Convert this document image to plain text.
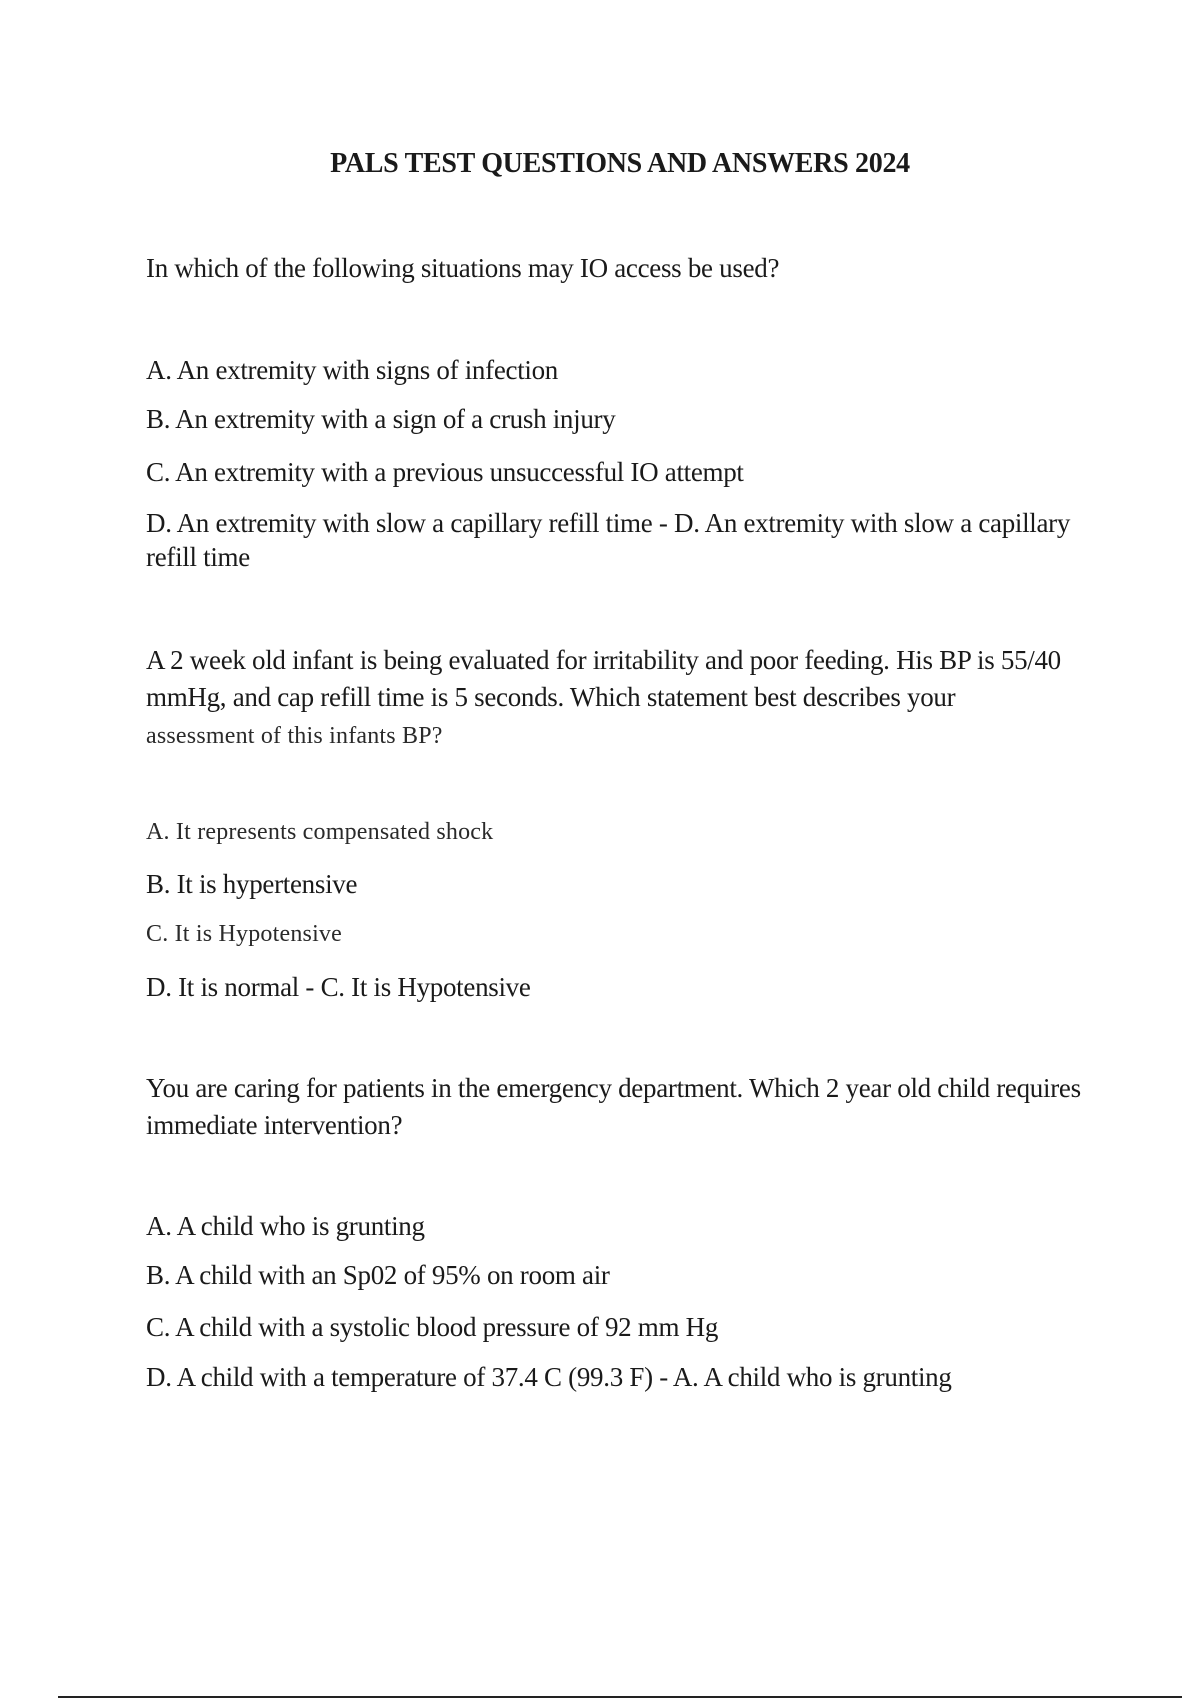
PALS TEST QUESTIONS AND ANSWERS 2024
In which of the following situations may IO access be used?
A. An extremity with signs of infection
B. An extremity with a sign of a crush injury
C. An extremity with a previous unsuccessful IO attempt
D. An extremity with slow a capillary refill time - D. An extremity with slow a capillary refill time
A 2 week old infant is being evaluated for irritability and poor feeding. His BP is 55/40 mmHg, and cap refill time is 5 seconds. Which statement best describes your
assessment of this infants BP?
A. It represents compensated shock
B. It is hypertensive
C. It is Hypotensive
D. It is normal - C. It is Hypotensive
You are caring for patients in the emergency department. Which 2 year old child requires immediate intervention?
A. A child who is grunting
B. A child with an Sp02 of 95% on room air
C. A child with a systolic blood pressure of 92 mm Hg
D. A child with a temperature of 37.4 C (99.3 F) - A. A child who is grunting
